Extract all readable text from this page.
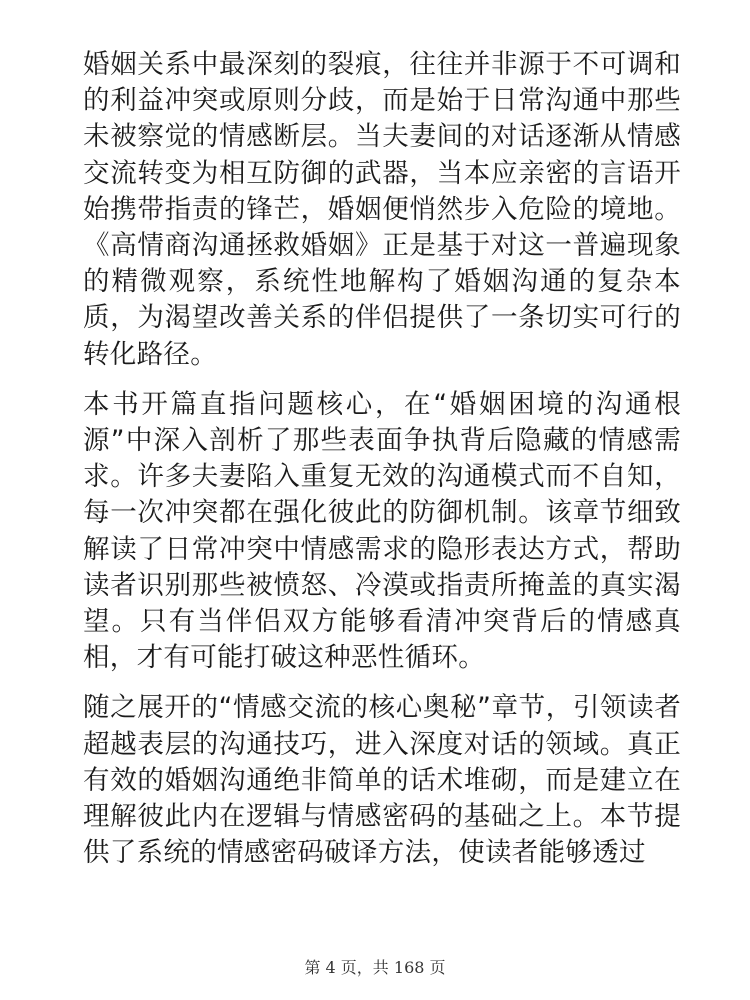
婚姻关系中最深刻的裂痕，往往并非源于不可调和的利益冲突或原则分歧，而是始于日常沟通中那些未被察觉的情感断层。当夫妻间的对话逐渐从情感交流转变为相互防御的武器，当本应亲密的言语开始携带指责的锋芒，婚姻便悄然步入危险的境地。《高情商沟通拯救婚姻》正是基于对这一普遍现象的精微观察，系统性地解构了婚姻沟通的复杂本质，为渴望改善关系的伴侣提供了一条切实可行的转化路径。

本书开篇直指问题核心，在“婚姻困境的沟通根源”中深入剖析了那些表面争执背后隐藏的情感需求。许多夫妻陷入重复无效的沟通模式而不自知，每一次冲突都在强化彼此的防御机制。该章节细致解读了日常冲突中情感需求的隐形表达方式，帮助读者识别那些被愤怒、冷漠或指责所掩盖的真实渴望。只有当伴侣双方能够看清冲突背后的情感真相，才有可能打破这种恶性循环。

随之展开的“情感交流的核心奥秘”章节，引领读者超越表层的沟通技巧，进入深度对话的领域。真正有效的婚姻沟通绝非简单的话术堆砌，而是建立在理解彼此内在逻辑与情感密码的基础之上。本节提供了系统的情感密码破译方法，使读者能够透过

第 4 页，共 168 页
